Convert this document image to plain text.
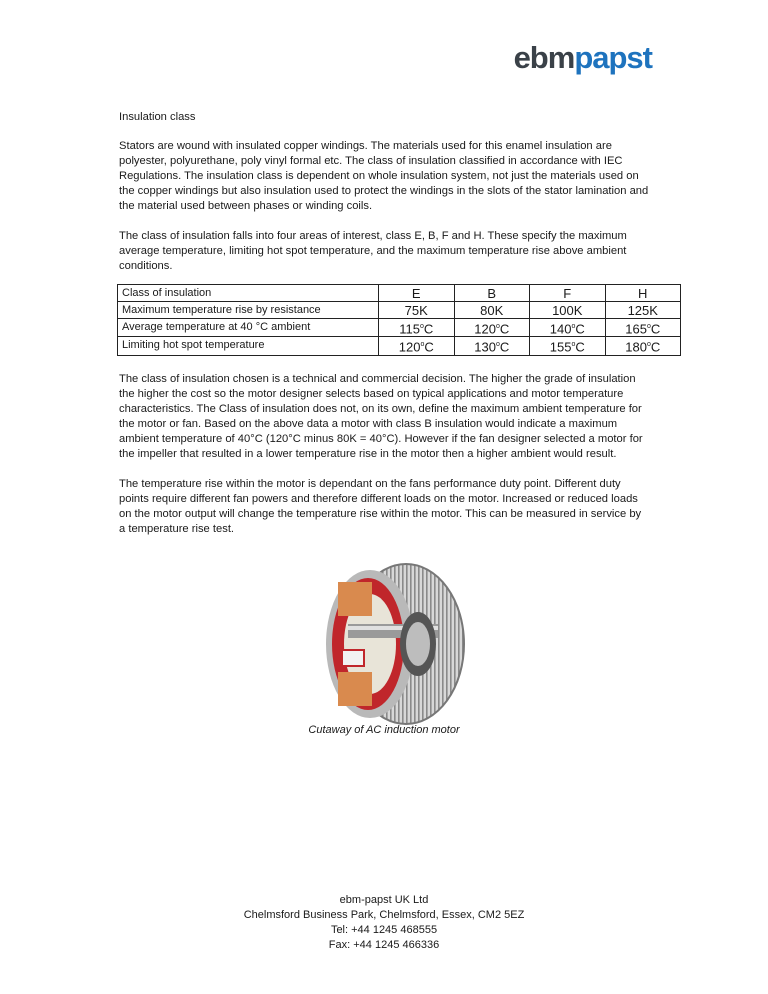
ebmpapst

Insulation class

Stators are wound with insulated copper windings. The materials used for this enamel insulation are polyester, polyurethane, poly vinyl formal etc. The class of insulation classified in accordance with IEC Regulations. The insulation class is dependent on whole insulation system, not just the materials used on the copper windings but also insulation used to protect the windings in the slots of the stator lamination and the material used between phases or winding coils.

The class of insulation falls into four areas of interest, class E, B, F and H. These specify the maximum average temperature, limiting hot spot temperature, and the maximum temperature rise above ambient conditions.

Class of insulation	E	B	F	H
Maximum temperature rise by resistance	75K	80K	100K	125K
Average temperature at 40 °C ambient	115$^o$C	120$^o$C	140$^o$C	165$^o$C
Limiting hot spot temperature	120$^o$C	130$^o$C	155$^o$C	180$^o$C

The class of insulation chosen is a technical and commercial decision. The higher the grade of insulation the higher the cost so the motor designer selects based on typical applications and motor temperature characteristics. The Class of insulation does not, on its own, define the maximum ambient temperature for the motor or fan. Based on the above data a motor with class B insulation would indicate a maximum ambient temperature of 40°C (120°C minus 80K = 40°C). However if the fan designer selected a motor for the impeller that resulted in a lower temperature rise in the motor then a higher ambient would result.

The temperature rise within the motor is dependant on the fans performance duty point. Different duty points require different fan powers and therefore different loads on the motor. Increased or reduced loads on the motor output will change the temperature rise within the motor. This can be measured in service by a temperature rise test.

Cutaway of AC induction motor
ebm-papst UK Ltd
Chelmsford Business Park, Chelmsford, Essex, CM2 5EZ
Tel: +44 1245 468555
Fax: +44 1245 466336
